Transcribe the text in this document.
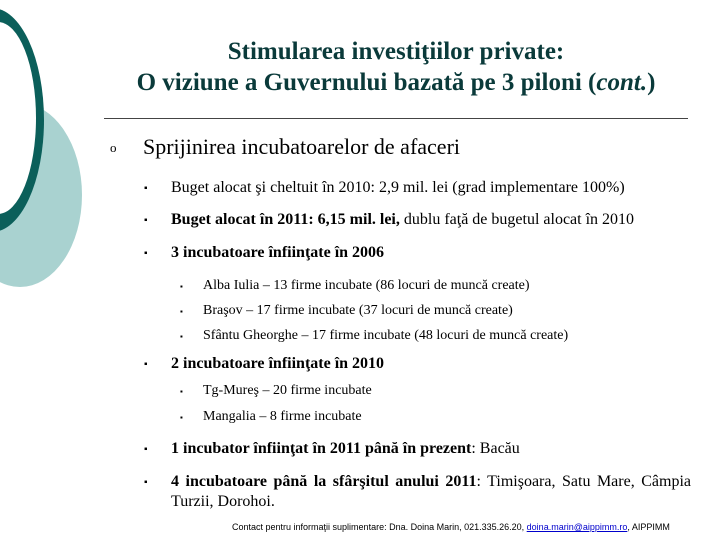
Stimularea investiţiilor private:
O viziune a Guvernului bazată pe 3 piloni (cont.)
o Sprijinirea incubatoarelor de afaceri
▪ Buget alocat şi cheltuit în 2010: 2,9 mil. lei (grad implementare 100%)
▪ Buget alocat în 2011: 6,15 mil. lei, dublu faţă de bugetul alocat în 2010
▪ 3 incubatoare înfiinţate în 2006
▪ Alba Iulia – 13 firme incubate (86 locuri de muncă create)
▪ Braşov – 17 firme incubate (37 locuri de muncă create)
▪ Sfântu Gheorghe – 17 firme incubate (48 locuri de muncă create)
▪ 2 incubatoare înfiinţate în 2010
▪ Tg-Mureş – 20 firme incubate
▪ Mangalia – 8 firme incubate
▪ 1 incubator înfiinţat în 2011 până în prezent: Bacău
▪ 4 incubatoare până la sfârşitul anului 2011: Timişoara, Satu Mare, Câmpia Turzii, Dorohoi.
Contact pentru informaţii suplimentare: Dna. Doina Marin, 021.335.26.20, doina.marin@aippimm.ro, AIPPIMM
